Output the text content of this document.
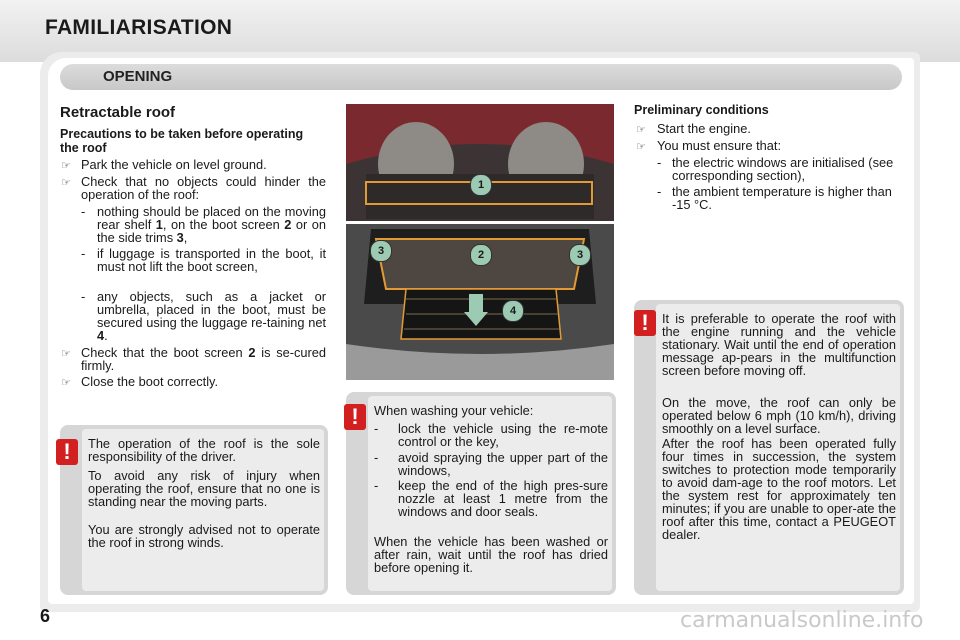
FAMILIARISATION
OPENING
Retractable roof
Precautions to be taken before operating the roof
☞ Park the vehicle on level ground.
☞ Check that no objects could hinder the operation of the roof:
- nothing should be placed on the moving rear shelf 1, on the boot screen 2 or on the side trims 3,
- if luggage is transported in the boot, it must not lift the boot screen,
- any objects, such as a jacket or umbrella, placed in the boot, must be secured using the luggage re-taining net 4.
☞ Check that the boot screen 2 is se-cured firmly.
☞ Close the boot correctly.
!	The operation of the roof is the sole responsibility of the driver.
To avoid any risk of injury when operating the roof, ensure that no one is standing near the moving parts.
You are strongly advised not to operate the roof in strong winds.
1
2
3	3
4
!	When washing your vehicle:
- lock the vehicle using the re-mote control or the key,
- avoid spraying the upper part of the windows,
- keep the end of the high pres-sure nozzle at least 1 metre from the windows and door seals.
When the vehicle has been washed or after rain, wait until the roof has dried before opening it.
Preliminary conditions
☞ Start the engine.
☞ You must ensure that:
- the electric windows are initialised (see corresponding section),
- the ambient temperature is higher than -15 °C.
!	It is preferable to operate the roof with the engine running and the vehicle stationary. Wait until the end of operation message ap-pears in the multifunction screen before moving off.
On the move, the roof can only be operated below 6 mph (10 km/h), driving smoothly on a level surface.
After the roof has been operated fully four times in succession, the system switches to protection mode temporarily to avoid dam-age to the roof motors. Let the system rest for approximately ten minutes; if you are unable to oper-ate the roof after this time, contact a PEUGEOT dealer.
6	carmanualsonline.info
